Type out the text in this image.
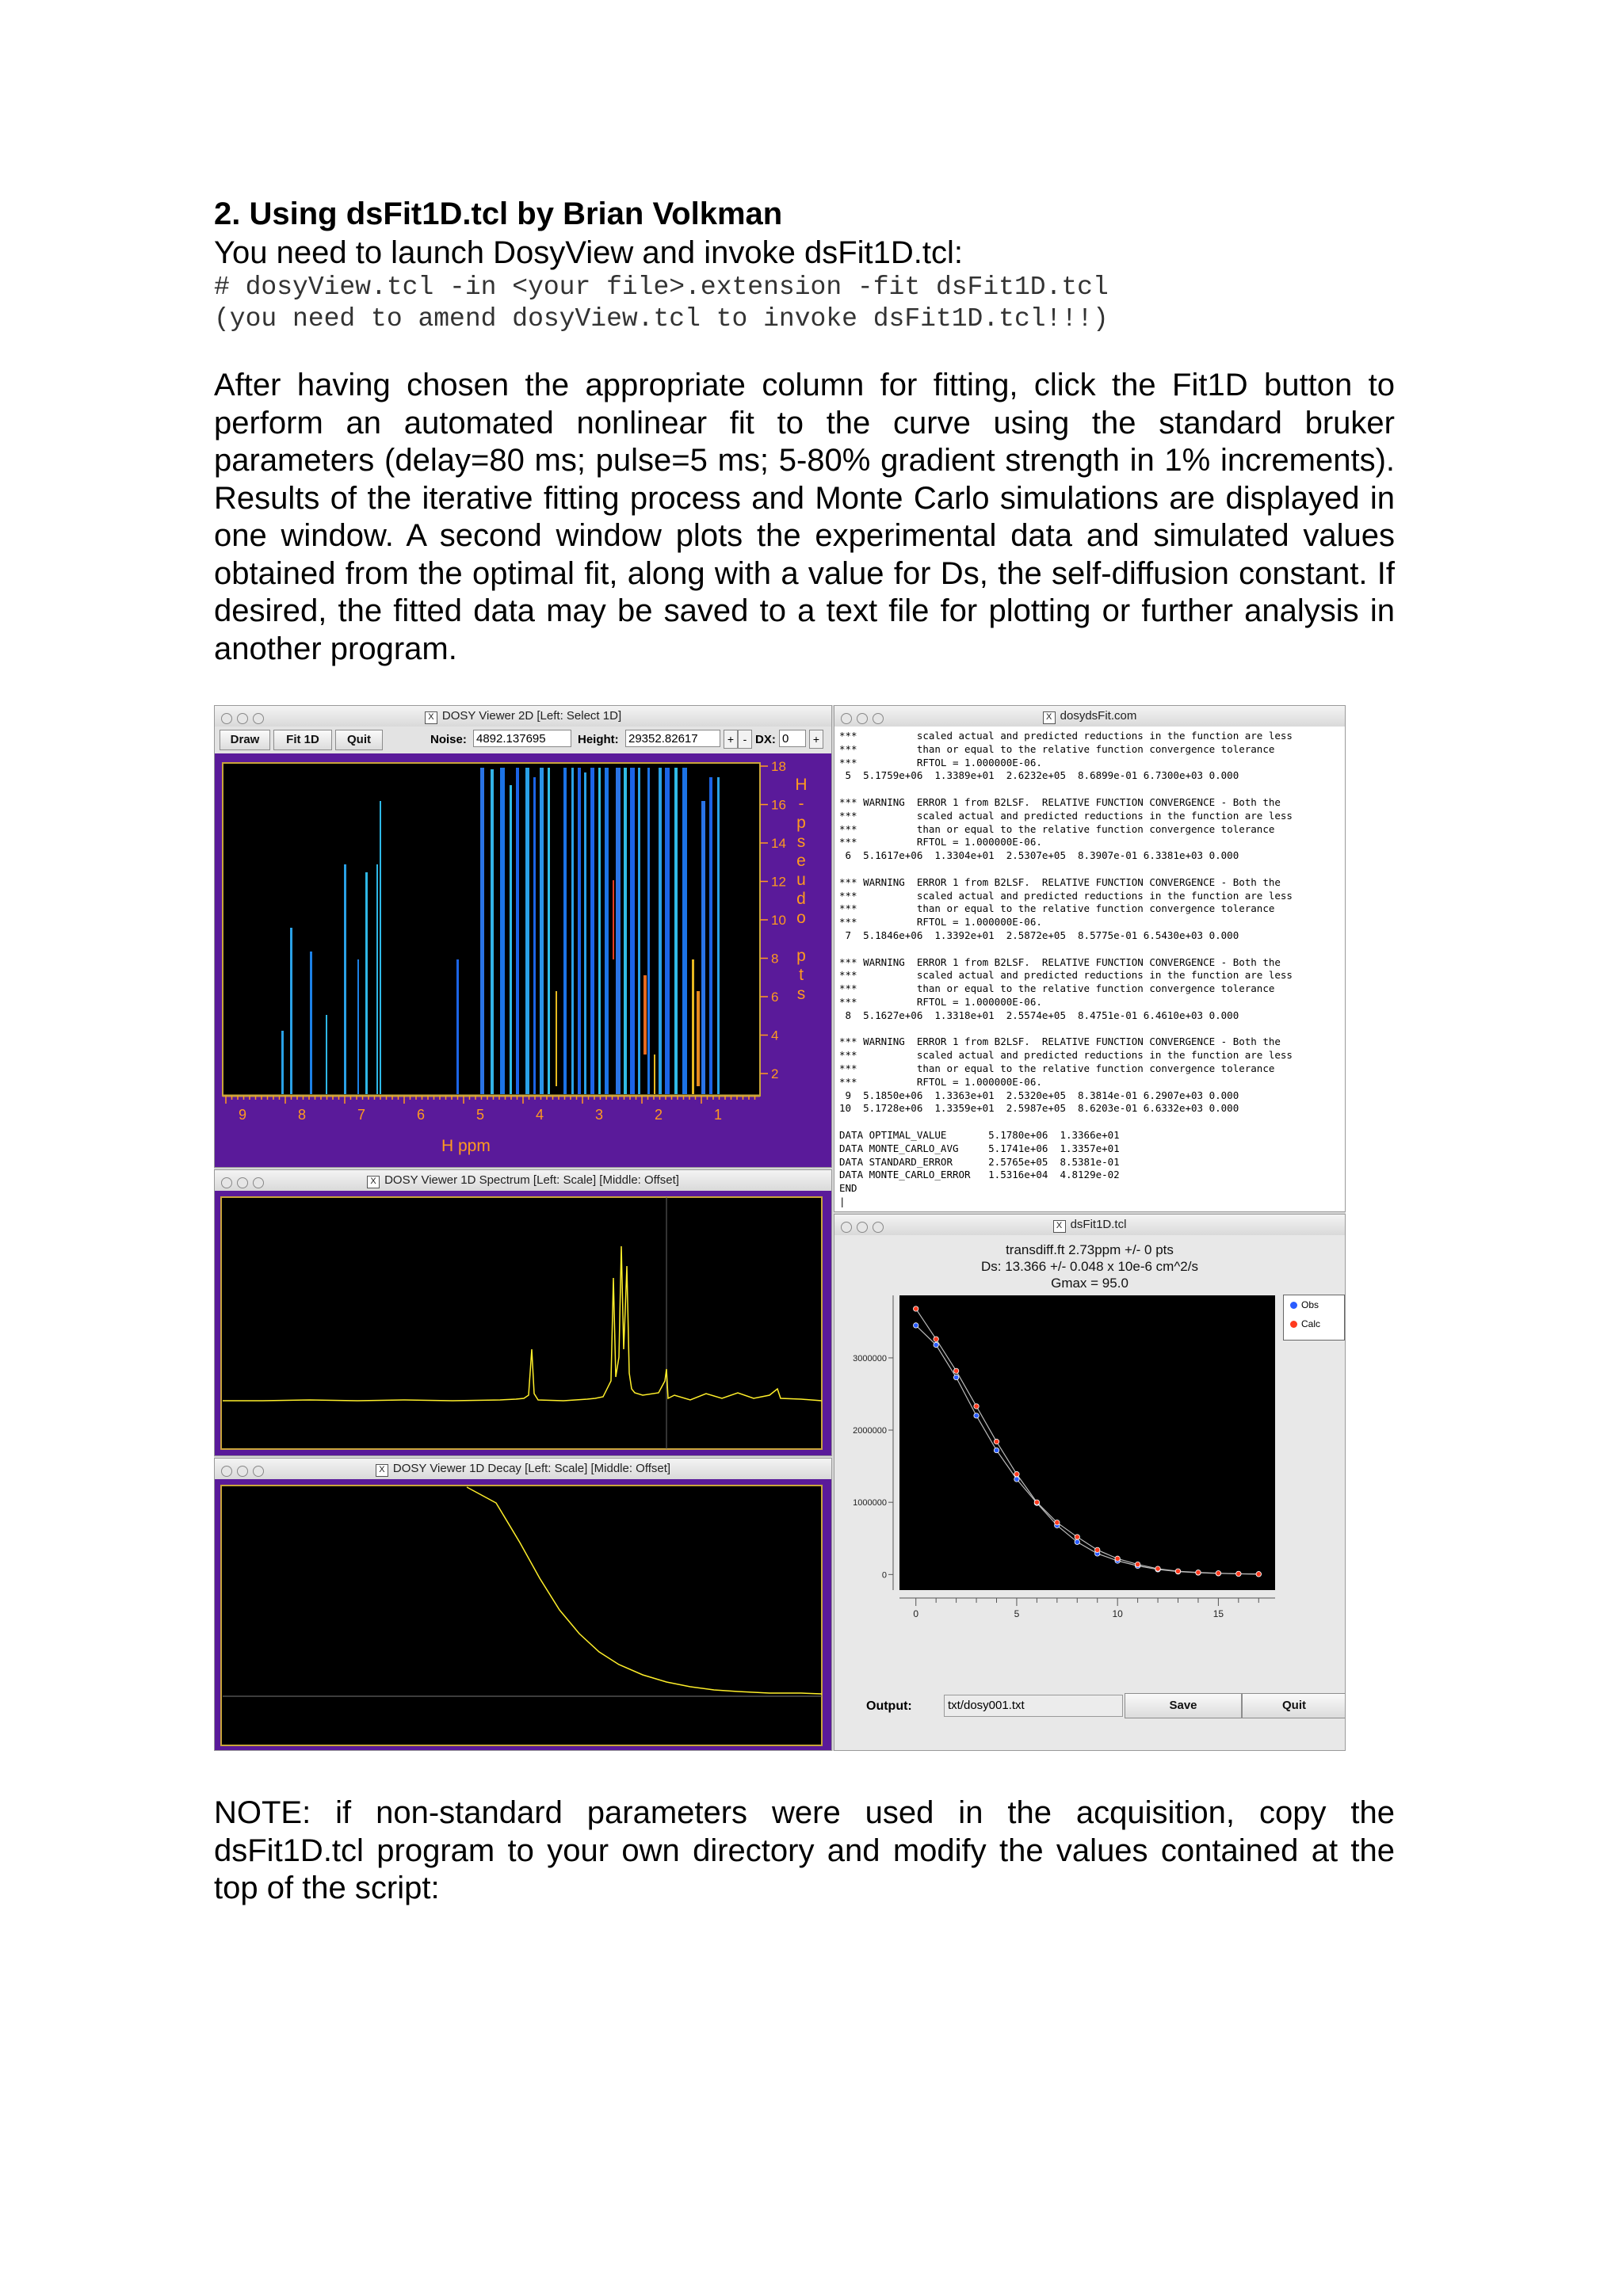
2. Using dsFit1D.tcl by Brian Volkman

You need to launch DosyView and invoke dsFit1D.tcl:

# dosyView.tcl -in <your file>.extension -fit dsFit1D.tcl

(you need to amend dosyView.tcl to invoke dsFit1D.tcl!!!)

After having chosen the appropriate column for fitting, click the Fit1D button to perform an automated nonlinear fit to the curve using the standard bruker parameters (delay=80 ms; pulse=5 ms; 5-80% gradient strength in 1% increments). Results of the iterative fitting process and Monte Carlo simulations are displayed in one window. A second window plots the experimental data and simulated values obtained from the optimal fit, along with a value for Ds, the self-diffusion constant. If desired, the fitted data may be saved to a text file for plotting or further analysis in another program.

X DOSY Viewer 2D [Left: Select 1D]
Draw	Fit 1D	Quit	Noise: 4892.137695	Height: 29352.82617	+ - DX: 0	+
9	8	7	6	5	4	3	2	1
18
16
14
12
10
8
6
4
2
H ppm
H
-
p
s
e
u
d
o

p
t
s
X dosydsFit.com
***          scaled actual and predicted reductions in the function are less
***          than or equal to the relative function convergence tolerance
***          RFTOL = 1.000000E-06.
5  5.1759e+06  1.3389e+01  2.6232e+05  8.6899e-01 6.7300e+03 0.000

*** WARNING  ERROR 1 from B2LSF.  RELATIVE FUNCTION CONVERGENCE - Both the
***          scaled actual and predicted reductions in the function are less
***          than or equal to the relative function convergence tolerance
***          RFTOL = 1.000000E-06.
6  5.1617e+06  1.3304e+01  2.5307e+05  8.3907e-01 6.3381e+03 0.000

*** WARNING  ERROR 1 from B2LSF.  RELATIVE FUNCTION CONVERGENCE - Both the
***          scaled actual and predicted reductions in the function are less
***          than or equal to the relative function convergence tolerance
***          RFTOL = 1.000000E-06.
7  5.1846e+06  1.3392e+01  2.5872e+05  8.5775e-01 6.5430e+03 0.000

*** WARNING  ERROR 1 from B2LSF.  RELATIVE FUNCTION CONVERGENCE - Both the
***          scaled actual and predicted reductions in the function are less
***          than or equal to the relative function convergence tolerance
***          RFTOL = 1.000000E-06.
8  5.1627e+06  1.3318e+01  2.5574e+05  8.4751e-01 6.4610e+03 0.000

*** WARNING  ERROR 1 from B2LSF.  RELATIVE FUNCTION CONVERGENCE - Both the
***          scaled actual and predicted reductions in the function are less
***          than or equal to the relative function convergence tolerance
***          RFTOL = 1.000000E-06.
9  5.1850e+06  1.3363e+01  2.5320e+05  8.3814e-01 6.2907e+03 0.000
10  5.1728e+06  1.3359e+01  2.5987e+05  8.6203e-01 6.6332e+03 0.000

DATA OPTIMAL_VALUE       5.1780e+06  1.3366e+01
DATA MONTE_CARLO_AVG     5.1741e+06  1.3357e+01
DATA STANDARD_ERROR      2.5765e+05  8.5381e-01
DATA MONTE_CARLO_ERROR   1.5316e+04  4.8129e-02
END
|
X DOSY Viewer 1D Spectrum [Left: Scale] [Middle: Offset]
X DOSY Viewer 1D Decay [Left: Scale] [Middle: Offset]
X dsFit1D.tcl
transdiff.ft 2.73ppm +/- 0 pts
Ds: 13.366 +/- 0.048 x 10e-6 cm^2/s
Gmax = 95.0
0
1000000
2000000
3000000
0	5	10	15
Obs
Calc
Output:	txt/dosy001.txt	Save	Quit

NOTE: if non-standard parameters were used in the acquisition, copy the dsFit1D.tcl program to your own directory and modify the values contained at the top of the script:
